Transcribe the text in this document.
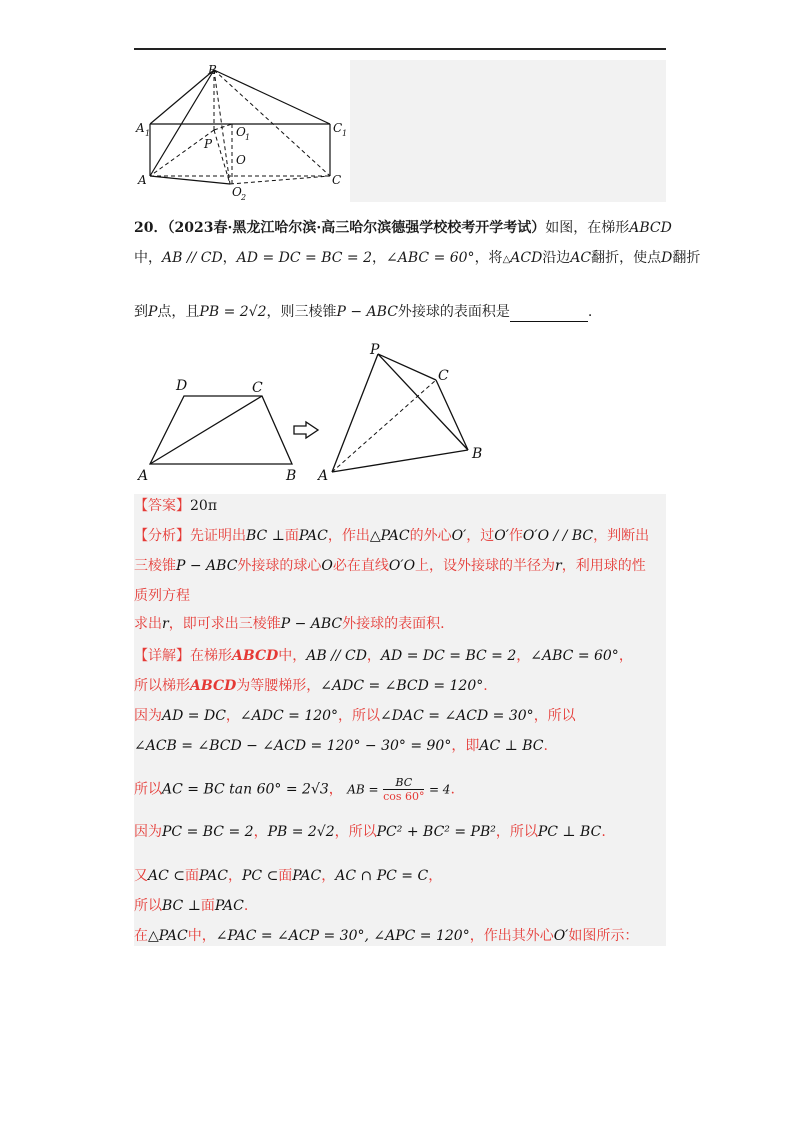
B
A 1	C 1
O 1
P
O
A	C
O 2
20．（2023春·黑龙江哈尔滨·高三哈尔滨德强学校校考开学考试）如图，在梯形ABCD
中，AB // CD，AD = DC = BC = 2，∠ABC = 60°，将△ACD沿边AC翻折，使点D翻折
到P点，且PB = 2√2，则三棱锥P − ABC外接球的表面积是	.
D	C
A	B
P
C
A
B
【答案】20π
【分析】先证明出BC ⊥面PAC，作出△PAC的外心O′，过O′作O′O / / BC，判断出
三棱锥P − ABC外接球的球心O必在直线O′O上，设外接球的半径为r，利用球的性
质列方程
求出r，即可求出三棱锥P − ABC外接球的表面积.
【详解】在梯形ABCD中，AB // CD，AD = DC = BC = 2，∠ABC = 60°，
所以梯形ABCD为等腰梯形，∠ADC = ∠BCD = 120°.
因为AD = DC，∠ADC = 120°，所以∠DAC = ∠ACD = 30°，所以
∠ACB = ∠BCD − ∠ACD = 120° − 30° = 90°，即AC ⊥ BC.
所以AC = BC tan 60° = 2√3， AB = $\frac{BC}{\cos 60^\circ} = 4$.
因为PC = BC = 2，PB = 2√2，所以PC² + BC² = PB²，所以PC ⊥ BC.
又AC ⊂面PAC，PC ⊂面PAC，AC ∩ PC = C，
所以BC ⊥面PAC.
在△PAC中，∠PAC = ∠ACP = 30°, ∠APC = 120°，作出其外心O′如图所示：
